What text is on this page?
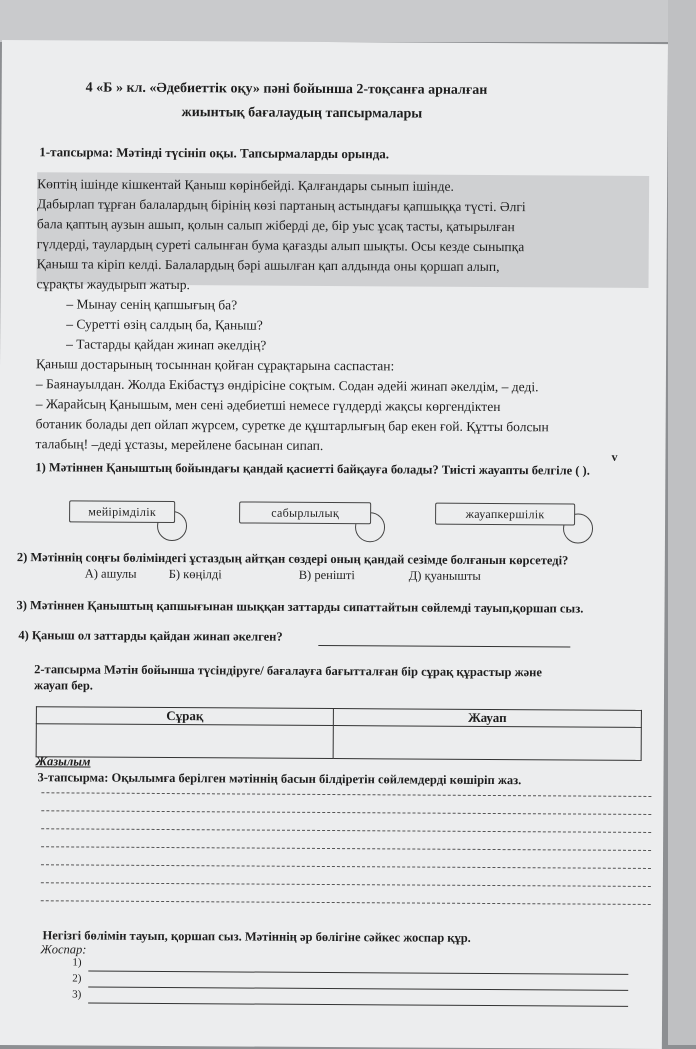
4 «Б » кл. «Әдебиеттік оқу» пәні бойынша 2-тоқсанға арналған
жиынтық бағалаудың тапсырмалары
1-тапсырма: Мәтінді түсініп оқы. Тапсырмаларды орында.
Көптің ішінде кішкентай Қаныш көрінбейді. Қалғандары сынып ішінде.
Дабырлап тұрған балалардың бірінің көзі партаның астындағы қапшыққа түсті. Әлгі
бала қаптың аузын ашып, қолын салып жіберді де, бір уыс ұсақ тасты, қатырылған
гүлдерді, таулардың суреті салынған бума қағазды алып шықты. Осы кезде сыныпқа
Қаныш та кіріп келді. Балалардың бәрі ашылған қап алдында оны қоршап алып,
сұрақты жаудырып жатыр.
– Мынау сенің қапшығың ба?
– Суретті өзің салдың ба, Қаныш?
– Тастарды қайдан жинап әкелдің?
Қаныш достарының тосыннан қойған сұрақтарына саспастан:
– Баянауылдан. Жолда Екібастұз өндірісіне соқтым. Содан әдейі жинап әкелдім, – деді.
– Жарайсың Қанышым, мен сені әдебиетші немесе гүлдерді жақсы көргендіктен
ботаник болады деп ойлап жүрсем, суретке де құштарлығың бар екен ғой. Құтты болсын
талабың! –деді ұстазы, мерейлене басынан сипап.
1) Мәтіннен Қаныштың бойындағы қандай қасиетті байқауға болады? Тиісті жауапты белгіле ( ).
v
мейірімділік	сабырлылық	жауапкершілік
2) Мәтіннің соңғы бөліміндегі ұстаздың айтқан сөздері оның қандай сезімде болғанын көрсетеді?
А) ашулы	Б) көңілді	В) ренішті	Д) қуанышты
3) Мәтіннен Қаныштың қапшығынан шыққан заттарды сипаттайтын сөйлемді тауып,қоршап сыз.
4) Қаныш ол заттарды қайдан жинап әкелген?
2-тапсырма Мәтін бойынша түсіндіруге/ бағалауға бағытталған бір сұрақ құрастыр және
жауап бер.
Сұрақ	Жауап

Жазылым
3-тапсырма: Оқылымға берілген мәтіннің басын білдіретін сөйлемдерді көшіріп жаз.
Негізгі бөлімін тауып, қоршап сыз. Мәтіннің әр бөлігіне сәйкес жоспар құр.
Жоспар:
1)
2)
3)
